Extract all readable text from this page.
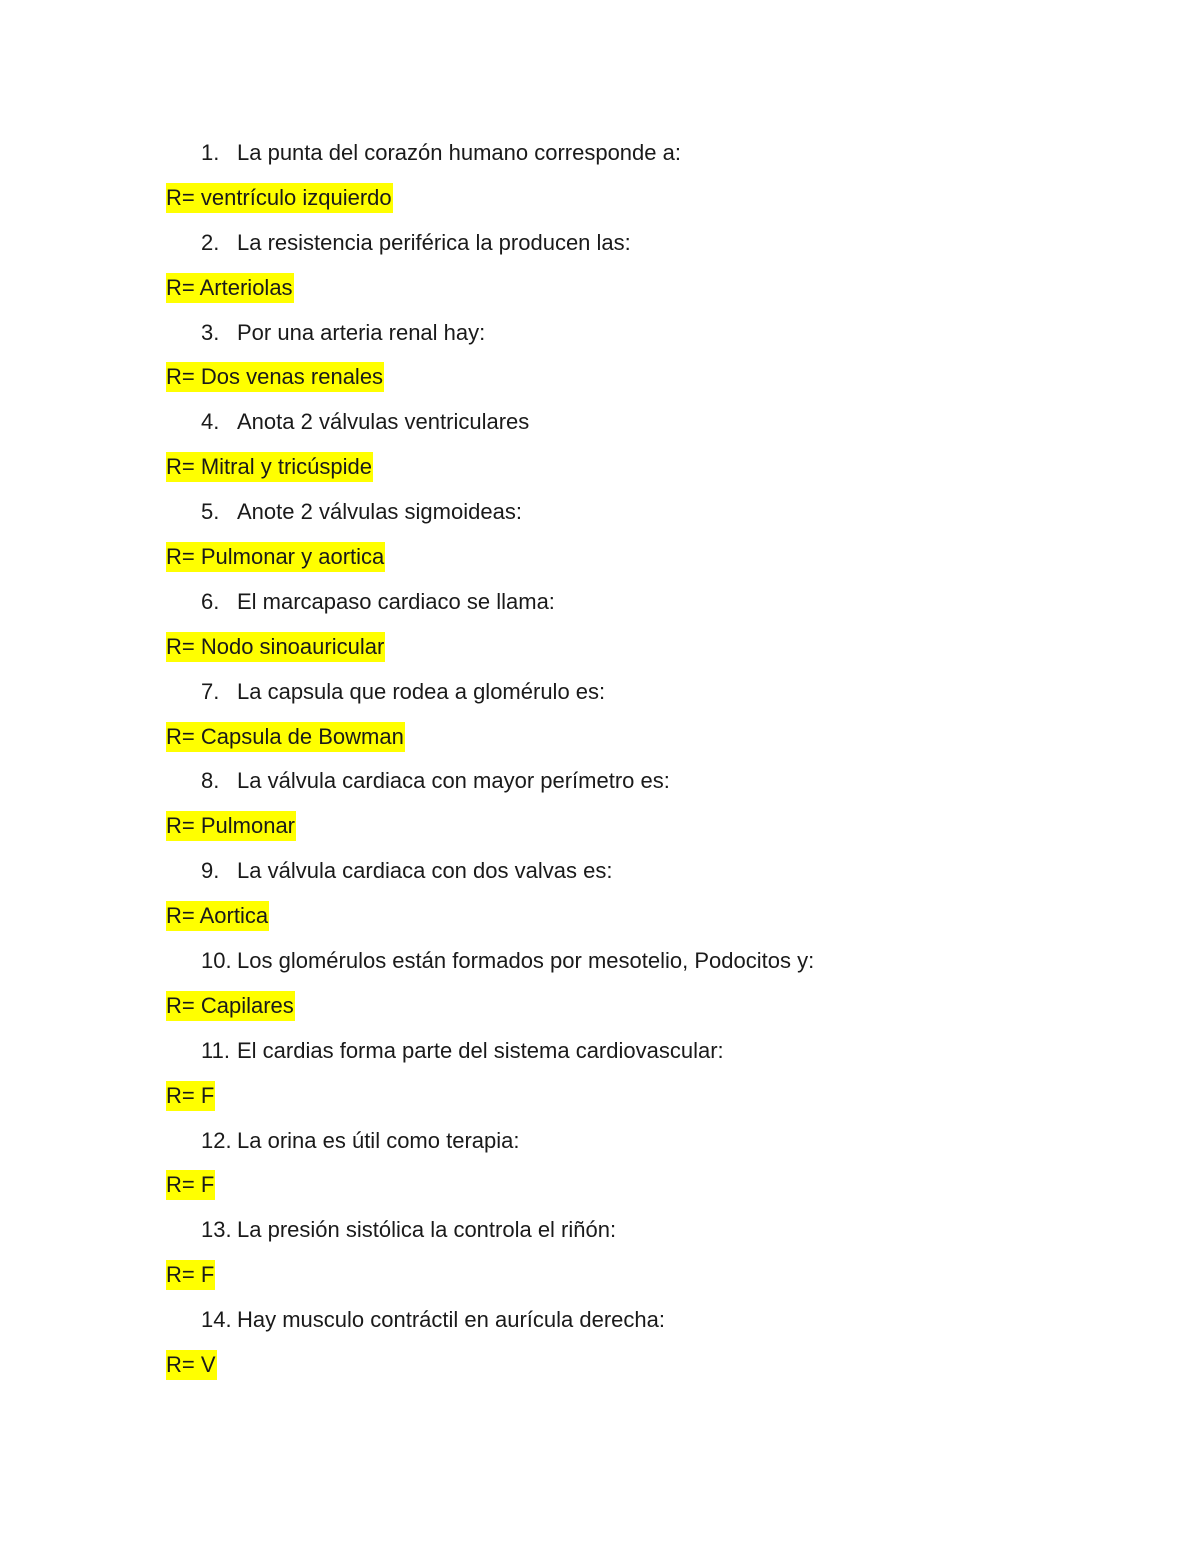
1. La punta del corazón humano corresponde a:
R= ventrículo izquierdo
2. La resistencia periférica la producen las:
R= Arteriolas
3. Por una arteria renal hay:
R= Dos venas renales
4. Anota 2 válvulas ventriculares
R= Mitral y tricúspide
5. Anote 2 válvulas sigmoideas:
R= Pulmonar y aortica
6. El marcapaso cardiaco se llama:
R= Nodo sinoauricular
7. La capsula que rodea a glomérulo es:
R= Capsula de Bowman
8. La válvula cardiaca con mayor perímetro es:
R= Pulmonar
9. La válvula cardiaca con dos valvas es:
R= Aortica
10. Los glomérulos están formados por mesotelio, Podocitos y:
R= Capilares
11. El cardias forma parte del sistema cardiovascular:
R= F
12. La orina es útil como terapia:
R= F
13. La presión sistólica la controla el riñón:
R= F
14. Hay musculo contráctil en aurícula derecha:
R= V
